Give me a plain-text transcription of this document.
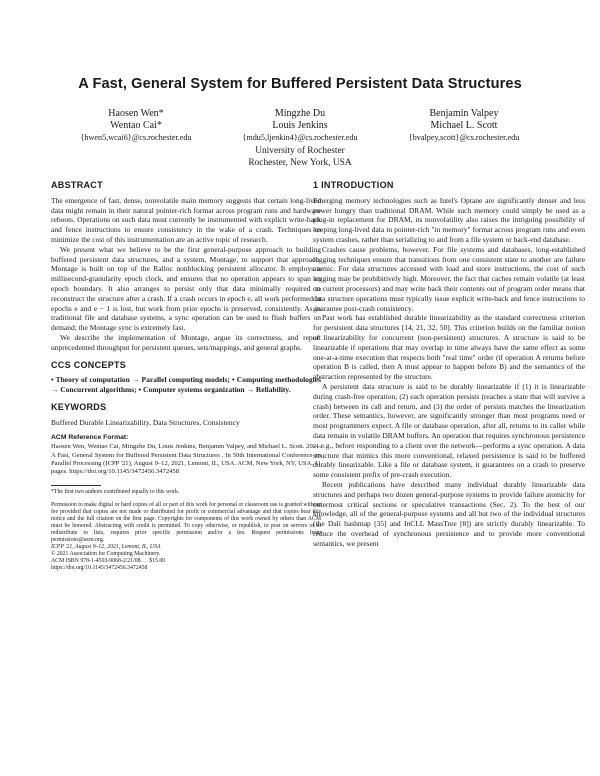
A Fast, General System for Buffered Persistent Data Structures
Haosen Wen*
Wentao Cai*
{hwen5,wcai6}@cs.rochester.edu
Mingzhe Du
Louis Jenkins
{mdu5,ljenkin4}@cs.rochester.edu
Benjamin Valpey
Michael L. Scott
{bvalpey,scott}@cs.rochester.edu
University of Rochester
Rochester, New York, USA
ABSTRACT

The emergence of fast, dense, nonvolatile main memory suggests that certain long-lived data might remain in their natural pointer-rich format across program runs and hardware reboots. Operations on such data must currently be instrumented with explicit write-back and fence instructions to ensure consistency in the wake of a crash. Techniques to minimize the cost of this instrumentation are an active topic of research.

We present what we believe to be the first general-purpose approach to building buffered persistent data structures, and a system, Montage, to support that approach. Montage is built on top of the Ralloc nonblocking persistent allocator. It employs a millisecond-granularity epoch clock, and ensures that no operation appears to span an epoch boundary. It also arranges to persist only that data minimally required to reconstruct the structure after a crash. If a crash occurs in epoch e, all work performed in epochs e and e − 1 is lost, but work from prior epochs is preserved, consistently. As in traditional file and database systems, a sync operation can be used to flush buffers on demand; the Montage sync is extremely fast.

We describe the implementation of Montage, argue its correctness, and report unprecedented throughput for persistent queues, sets/mappings, and general graphs.

CCS CONCEPTS

• Theory of computation → Parallel computing models; • Computing methodologies → Concurrent algorithms; • Computer systems organization → Reliability.

KEYWORDS

Buffered Durable Linearizability, Data Structures, Consistency

ACM Reference Format:

Haosen Wen, Wentao Cai, Mingzhe Du, Louis Jenkins, Benjamin Valpey, and Michael L. Scott. 2021. A Fast, General System for Buffered Persistent Data Structures . In 50th International Conference on Parallel Processing (ICPP '21), August 9–12, 2021, Lemont, IL, USA. ACM, New York, NY, USA, 11 pages. https://doi.org/10.1145/3472456.3472458

*The first two authors contributed equally to this work.

Permission to make digital or hard copies of all or part of this work for personal or classroom use is granted without fee provided that copies are not made or distributed for profit or commercial advantage and that copies bear this notice and the full citation on the first page. Copyrights for components of this work owned by others than ACM must be honored. Abstracting with credit is permitted. To copy otherwise, or republish, to post on servers or to redistribute to lists, requires prior specific permission and/or a fee. Request permissions from permissions@acm.org.

ICPP '21, August 9–12, 2021, Lemont, IL, USA

© 2021 Association for Computing Machinery.

ACM ISBN 978-1-4503-9068-2/21/08. . . $15.00

https://doi.org/10.1145/3472456.3472458

1 INTRODUCTION

Emerging memory technologies such as Intel's Optane are significantly denser and less power hungry than traditional DRAM. While such memory could simply be used as a plug-in replacement for DRAM, its nonvolatility also raises the intriguing possibility of keeping long-lived data in pointer-rich "in memory" format across program runs and even system crashes, rather than serializing to and from a file system or back-end database.

Crashes cause problems, however. For file systems and databases, long-established logging techniques ensure that transitions from one consistent state to another are failure atomic. For data structures accessed with load and store instructions, the cost of such logging may be prohibitively high. Moreover, the fact that caches remain volatile (at least on current processors) and may write back their contents out of program order means that data structure operations must typically issue explicit write-back and fence instructions to guarantee post-crash consistency.

Past work has established durable linearizability as the standard correctness criterion for persistent data structures [14, 21, 32, 50]. This criterion builds on the familiar notion of linearizability for concurrent (non-persistent) structures. A structure is said to be linearizable if operations that may overlap in time always have the same effect as some one-at-a-time execution that respects both "real time" order (if operation A returns before operation B is called, then A must appear to happen before B) and the semantics of the abstraction represented by the structure.

A persistent data structure is said to be durably linearizable if (1) it is linearizable during crash-free operation, (2) each operation persists (reaches a state that will survive a crash) between its call and return, and (3) the order of persists matches the linearization order. These semantics, however, are significantly stronger than most programs need or most programmers expect. A file or database operation, after all, returns to its caller while data remain in volatile DRAM buffers. An operation that requires synchronous persistence—e.g., before responding to a client over the network—performs a sync operation. A data structure that mimics this more conventional, relaxed persistence is said to be buffered durably linearizable. Like a file or database system, it guarantees on a crash to preserve some consistent prefix of pre-crash execution.

Recent publications have described many individual durably linearizable data structures and perhaps two dozen general-purpose systems to provide failure atomicity for outermost critical sections or speculative transactions (Sec. 2). To the best of our knowledge, all of the general-purpose systems and all but two of the individual structures (the Dalí hashmap [35] and InCLL MassTree [8]) are strictly durably linearizable. To reduce the overhead of synchronous persistence and to provide more conventional semantics, we present
